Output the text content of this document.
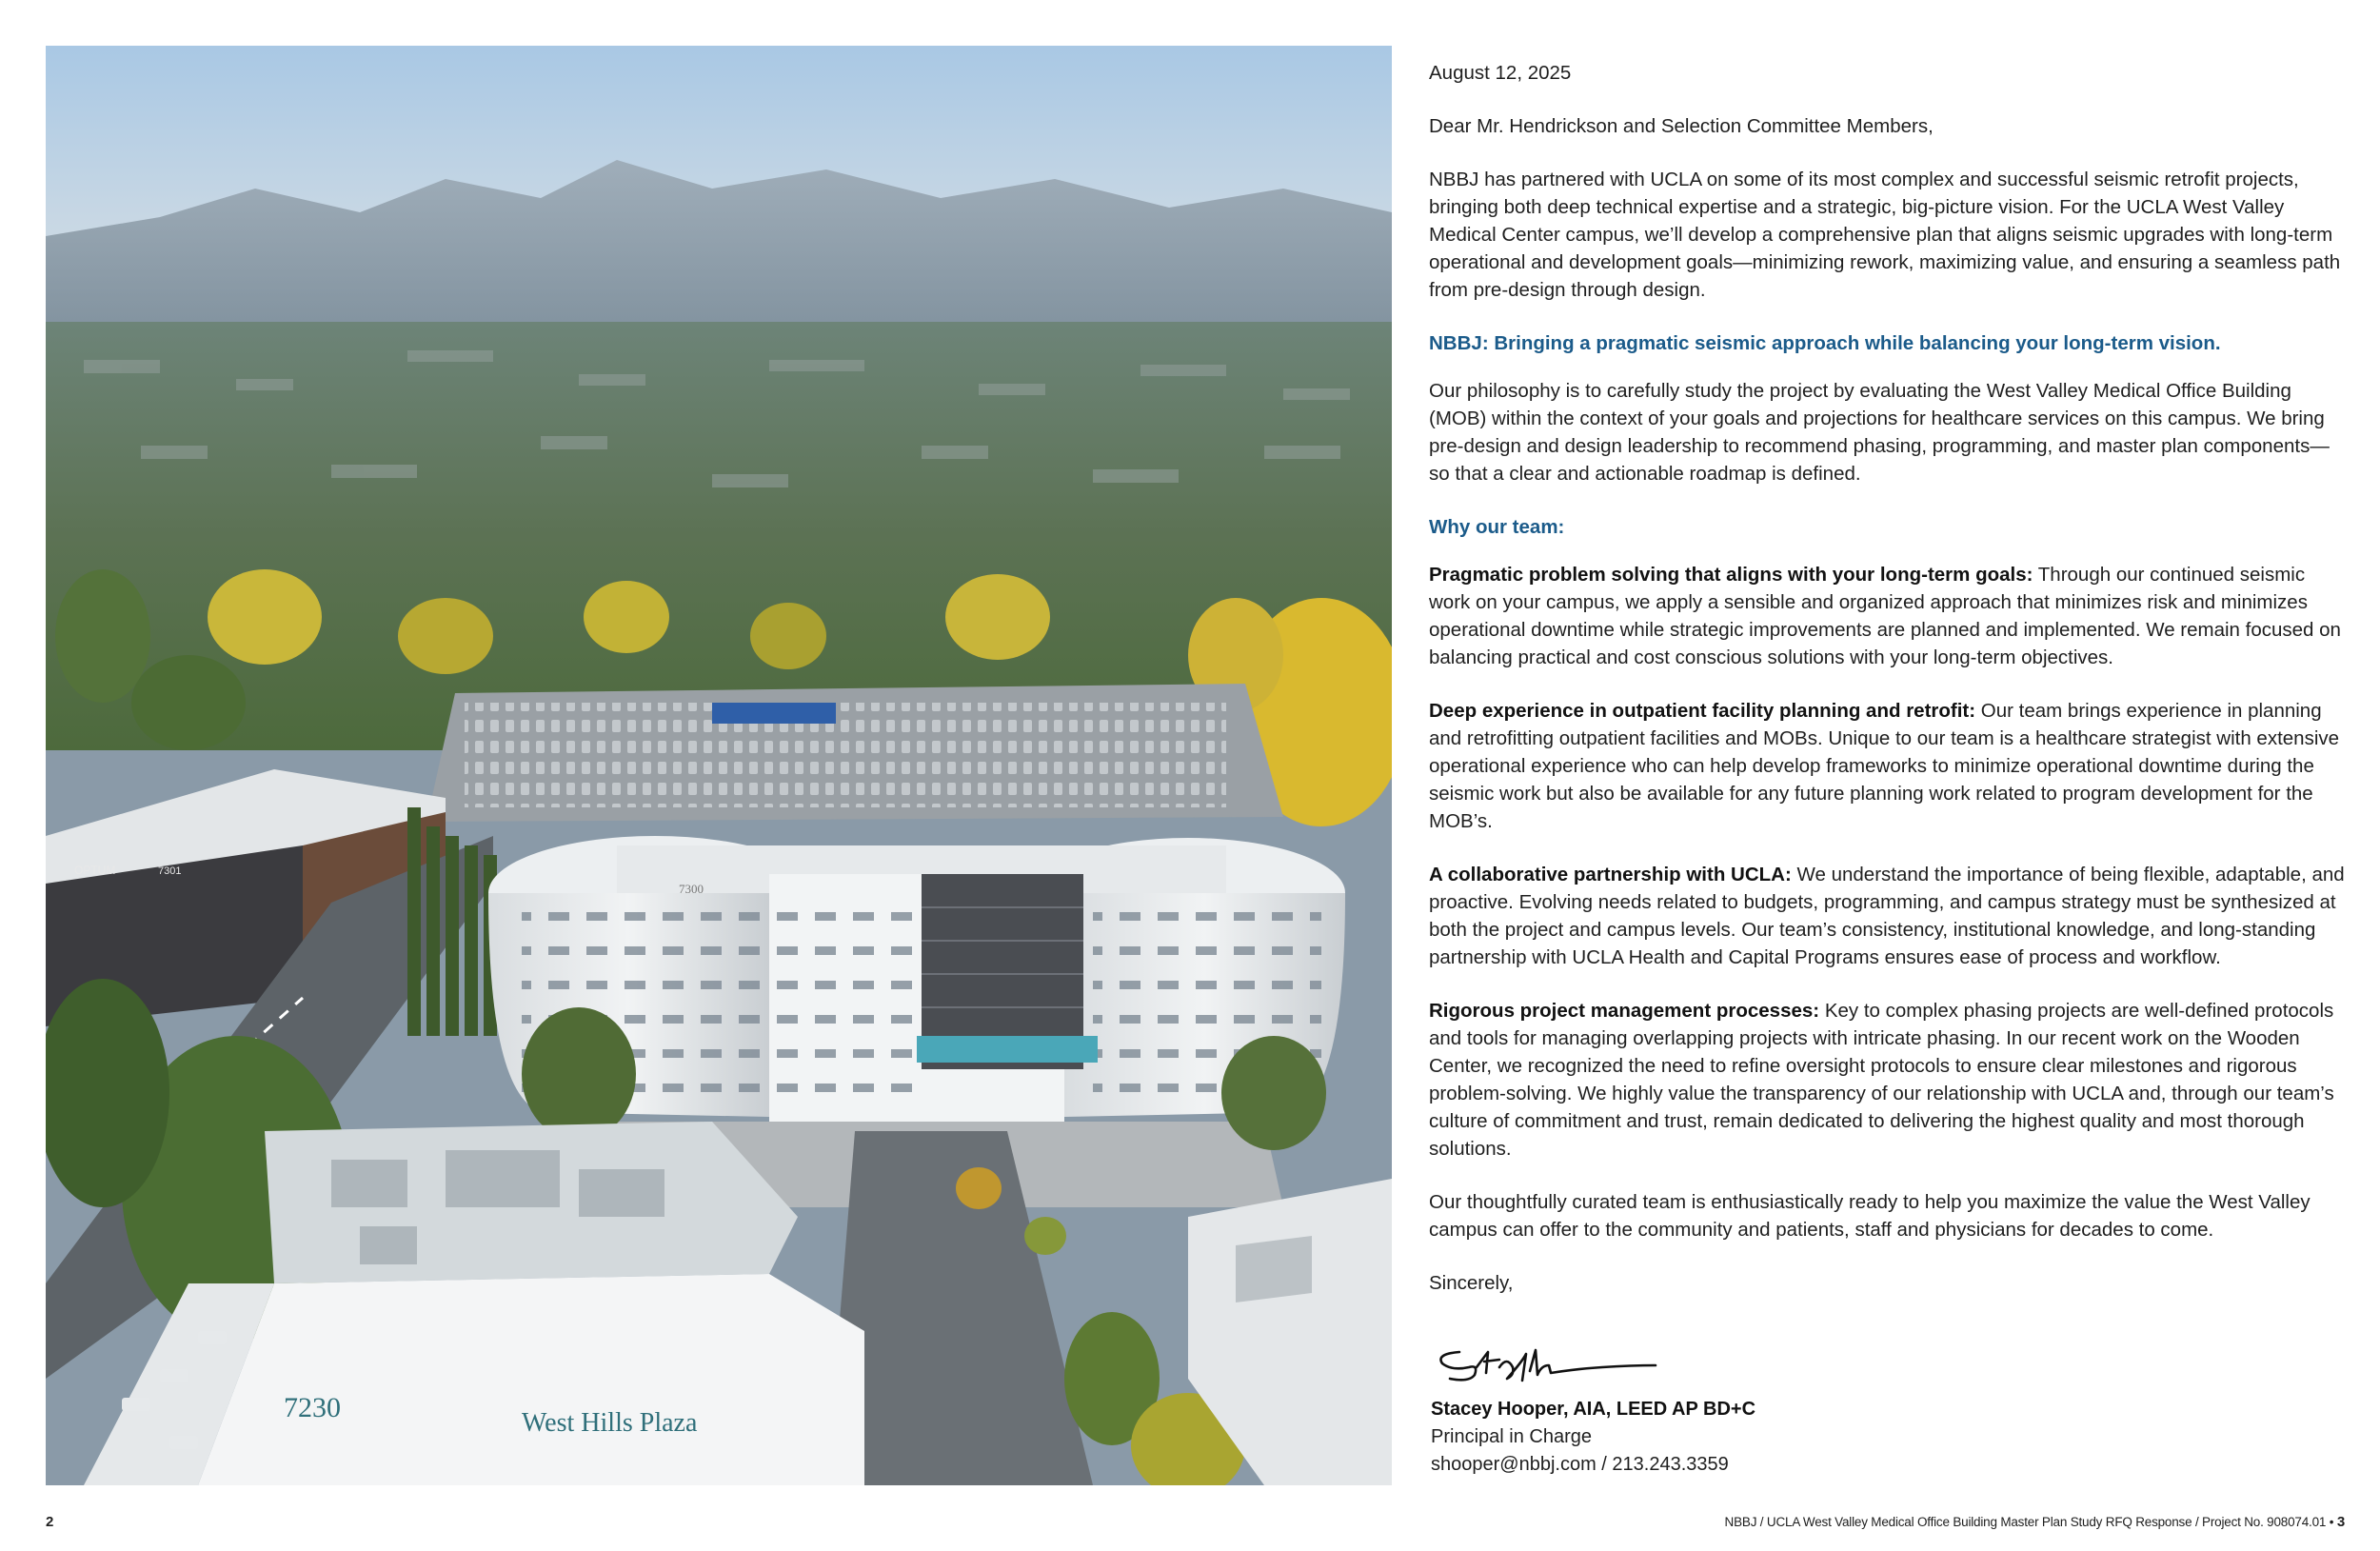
OPTUM	7301
7300
7230	West Hills Plaza

August 12, 2025

Dear Mr. Hendrickson and Selection Committee Members,

NBBJ has partnered with UCLA on some of its most complex and successful seismic retrofit projects, bringing both deep technical expertise and a strategic, big-picture vision. For the UCLA West Valley Medical Center campus, we’ll develop a comprehensive plan that aligns seismic upgrades with long-term operational and development goals—minimizing rework, maximizing value, and ensuring a seamless path from pre-design through design.

NBBJ: Bringing a pragmatic seismic approach while balancing your long-term vision.

Our philosophy is to carefully study the project by evaluating the West Valley Medical Office Building (MOB) within the context of your goals and projections for healthcare services on this campus. We bring pre-design and design leadership to recommend phasing, programming, and master plan components—so that a clear and actionable roadmap is defined.

Why our team:

Pragmatic problem solving that aligns with your long-term goals: Through our continued seismic work on your campus, we apply a sensible and organized approach that minimizes risk and minimizes operational downtime while strategic improvements are planned and implemented. We remain focused on balancing practical and cost conscious solutions with your long-term objectives.

Deep experience in outpatient facility planning and retrofit: Our team brings experience in planning and retrofitting outpatient facilities and MOBs. Unique to our team is a healthcare strategist with extensive operational experience who can help develop frameworks to minimize operational downtime during the seismic work but also be available for any future planning work related to program development for the MOB’s.

A collaborative partnership with UCLA: We understand the importance of being flexible, adaptable, and proactive. Evolving needs related to budgets, programming, and campus strategy must be synthesized at both the project and campus levels. Our team’s consistency, institutional knowledge, and long-standing partnership with UCLA Health and Capital Programs ensures ease of process and workflow.

Rigorous project management processes: Key to complex phasing projects are well-defined protocols and tools for managing overlapping projects with intricate phasing. In our recent work on the Wooden Center, we recognized the need to refine oversight protocols to ensure clear milestones and rigorous problem-solving. We highly value the transparency of our relationship with UCLA and, through our team’s culture of commitment and trust, remain dedicated to delivering the highest quality and most thorough solutions.

Our thoughtfully curated team is enthusiastically ready to help you maximize the value the West Valley campus can offer to the community and patients, staff and physicians for decades to come.

Sincerely,

Stacey Hooper, AIA, LEED AP BD+C
Principal in Charge
shooper@nbbj.com / 213.243.3359
2	NBBJ / UCLA West Valley Medical Office Building Master Plan Study RFQ Response / Project No. 908074.01 • 3
